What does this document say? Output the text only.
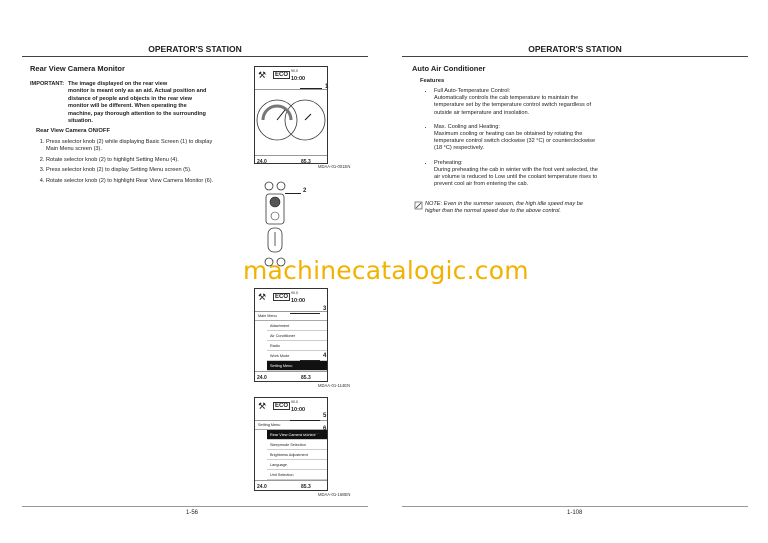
OPERATOR'S STATION
Rear View Camera Monitor
IMPORTANT: The image displayed on the rear view
monitor is meant only as an aid. Actual position and distance of people and objects in the rear view monitor will be different. When operating the machine, pay thorough attention to the surrounding situation.
Rear View Camera ON/OFF
1. Press selector knob (2) while displaying Basic Screen (1) to display Main Menu screen (3).
2. Rotate selector knob (2) to highlight Setting Menu (4).
3. Press selector knob (2) to display Setting Menu screen (5).
4. Rotate selector knob (2) to highlight Rear View Camera Monitor (6).
1-56
⚒	ECO
90.0
10:00
24.0	85.3
1
MDAA-01-001EN
2
⚒	ECO
90.0
10:00
Main Menu
Attachment
Air Conditioner
Radio
Work Mode
Setting Menu
24.0	85.3
3
4
MDAA-01-114EN
⚒	ECO
90.0
10:00
Setting Menu
Rear View Camera Monitor
Sleepmode Selection
Brightness Adjustment
Language
Unit Selection
24.0	85.3
5
6
MDAA-01-168EN
OPERATOR'S STATION
Auto Air Conditioner
Features
1-108
• Full Auto-Temperature Control:
Automatically controls the cab temperature to maintain the temperature set by the temperature control switch regardless of outside air temperature and insolation.
• Max. Cooling and Heating:
Maximum cooling or heating can be obtained by rotating the temperature control switch clockwise (32 °C) or counterclockwise (18 °C) respectively.
• Preheating:
During preheating the cab in winter with the foot vent selected, the air volume is reduced to Low until the coolant temperature rises to prevent cool air from entering the cab.
NOTE: Even in the summer season, the high idle speed may be higher than the normal speed due to the above control.
machinecatalogic.com
